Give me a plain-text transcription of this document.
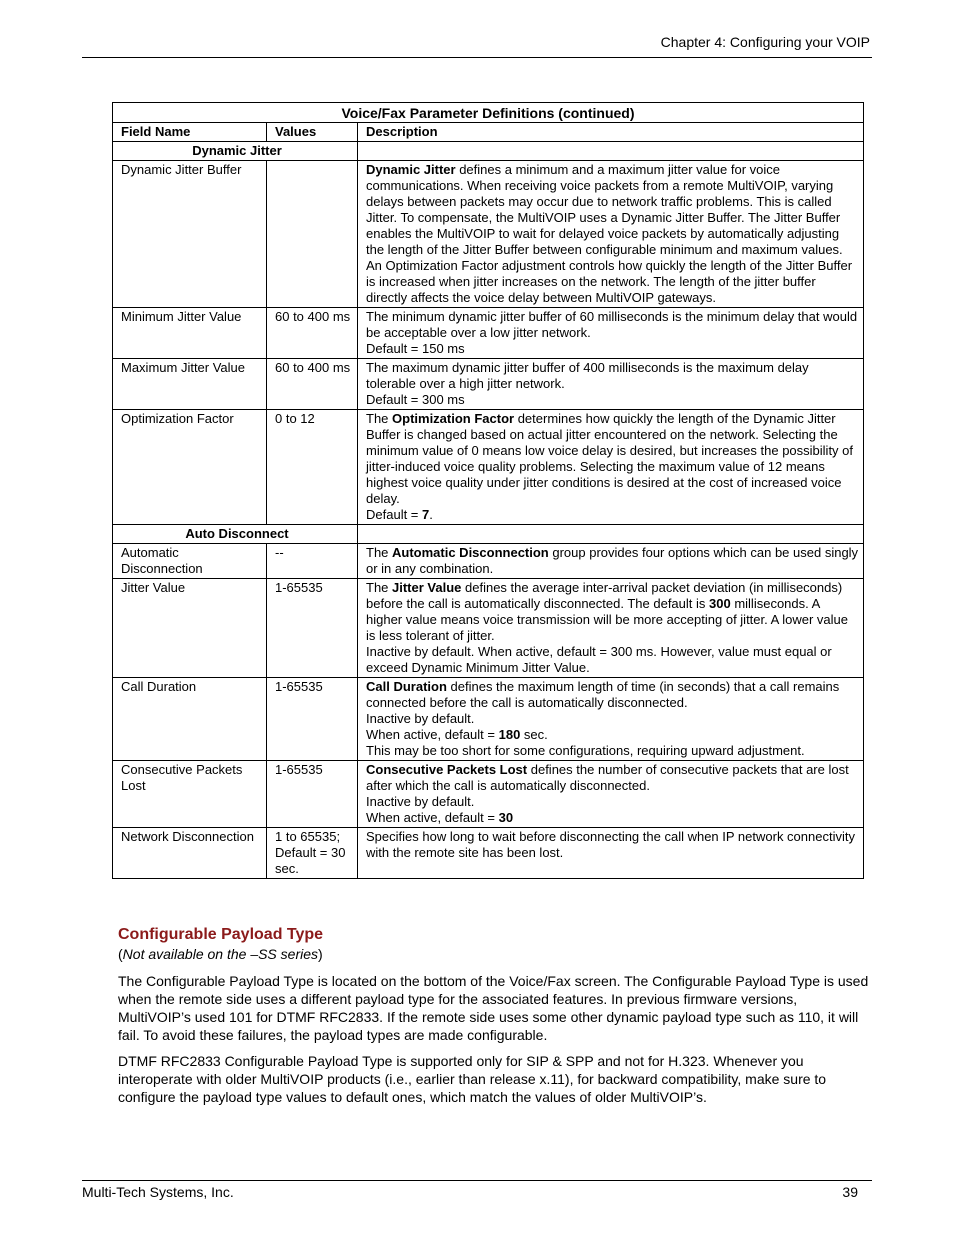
Chapter 4: Configuring your VOIP
Voice/Fax Parameter Definitions (continued)		
Field Name	Values	Description
Dynamic Jitter		
Dynamic Jitter Buffer		Dynamic Jitter defines a minimum and a maximum jitter value for voice communications. When receiving voice packets from a remote MultiVOIP, varying delays between packets may occur due to network traffic problems. This is called Jitter. To compensate, the MultiVOIP uses a Dynamic Jitter Buffer. The Jitter Buffer enables the MultiVOIP to wait for delayed voice packets by automatically adjusting the length of the Jitter Buffer between configurable minimum and maximum values. An Optimization Factor adjustment controls how quickly the length of the Jitter Buffer is increased when jitter increases on the network. The length of the jitter buffer directly affects the voice delay between MultiVOIP gateways.
Minimum Jitter Value	60 to 400 ms	The minimum dynamic jitter buffer of 60 milliseconds is the minimum delay that would be acceptable over a low jitter network.
Default = 150 ms
Maximum Jitter Value	60 to 400 ms	The maximum dynamic jitter buffer of 400 milliseconds is the maximum delay tolerable over a high jitter network.
Default = 300 ms
Optimization Factor	0 to 12	The Optimization Factor determines how quickly the length of the Dynamic Jitter Buffer is changed based on actual jitter encountered on the network. Selecting the minimum value of 0 means low voice delay is desired, but increases the possibility of jitter-induced voice quality problems. Selecting the maximum value of 12 means highest voice quality under jitter conditions is desired at the cost of increased voice delay.
Default = 7.
Auto Disconnect		
Automatic Disconnection	--	The Automatic Disconnection group provides four options which can be used singly or in any combination.
Jitter Value	1-65535	The Jitter Value defines the average inter-arrival packet deviation (in milliseconds) before the call is automatically disconnected. The default is 300 milliseconds. A higher value means voice transmission will be more accepting of jitter. A lower value is less tolerant of jitter.
Inactive by default. When active, default = 300 ms. However, value must equal or exceed Dynamic Minimum Jitter Value.
Call Duration	1-65535	Call Duration defines the maximum length of time (in seconds) that a call remains connected before the call is automatically disconnected.
Inactive by default.
When active, default = 180 sec.
This may be too short for some configurations, requiring upward adjustment.
Consecutive Packets Lost	1-65535	Consecutive Packets Lost defines the number of consecutive packets that are lost after which the call is automatically disconnected.
Inactive by default.
When active, default = 30
Network Disconnection	1 to 65535; Default = 30 sec.	Specifies how long to wait before disconnecting the call when IP network connectivity with the remote site has been lost.
Configurable Payload Type
(Not available on the –SS series)

The Configurable Payload Type is located on the bottom of the Voice/Fax screen. The Configurable Payload Type is used when the remote side uses a different payload type for the associated features. In previous firmware versions, MultiVOIP’s used 101 for DTMF RFC2833. If the remote side uses some other dynamic payload type such as 110, it will fail. To avoid these failures, the payload types are made configurable.

DTMF RFC2833 Configurable Payload Type is supported only for SIP & SPP and not for H.323. Whenever you interoperate with older MultiVOIP products (i.e., earlier than release x.11), for backward compatibility, make sure to configure the payload type values to default ones, which match the values of older MultiVOIP’s.

Multi-Tech Systems, Inc.	39
